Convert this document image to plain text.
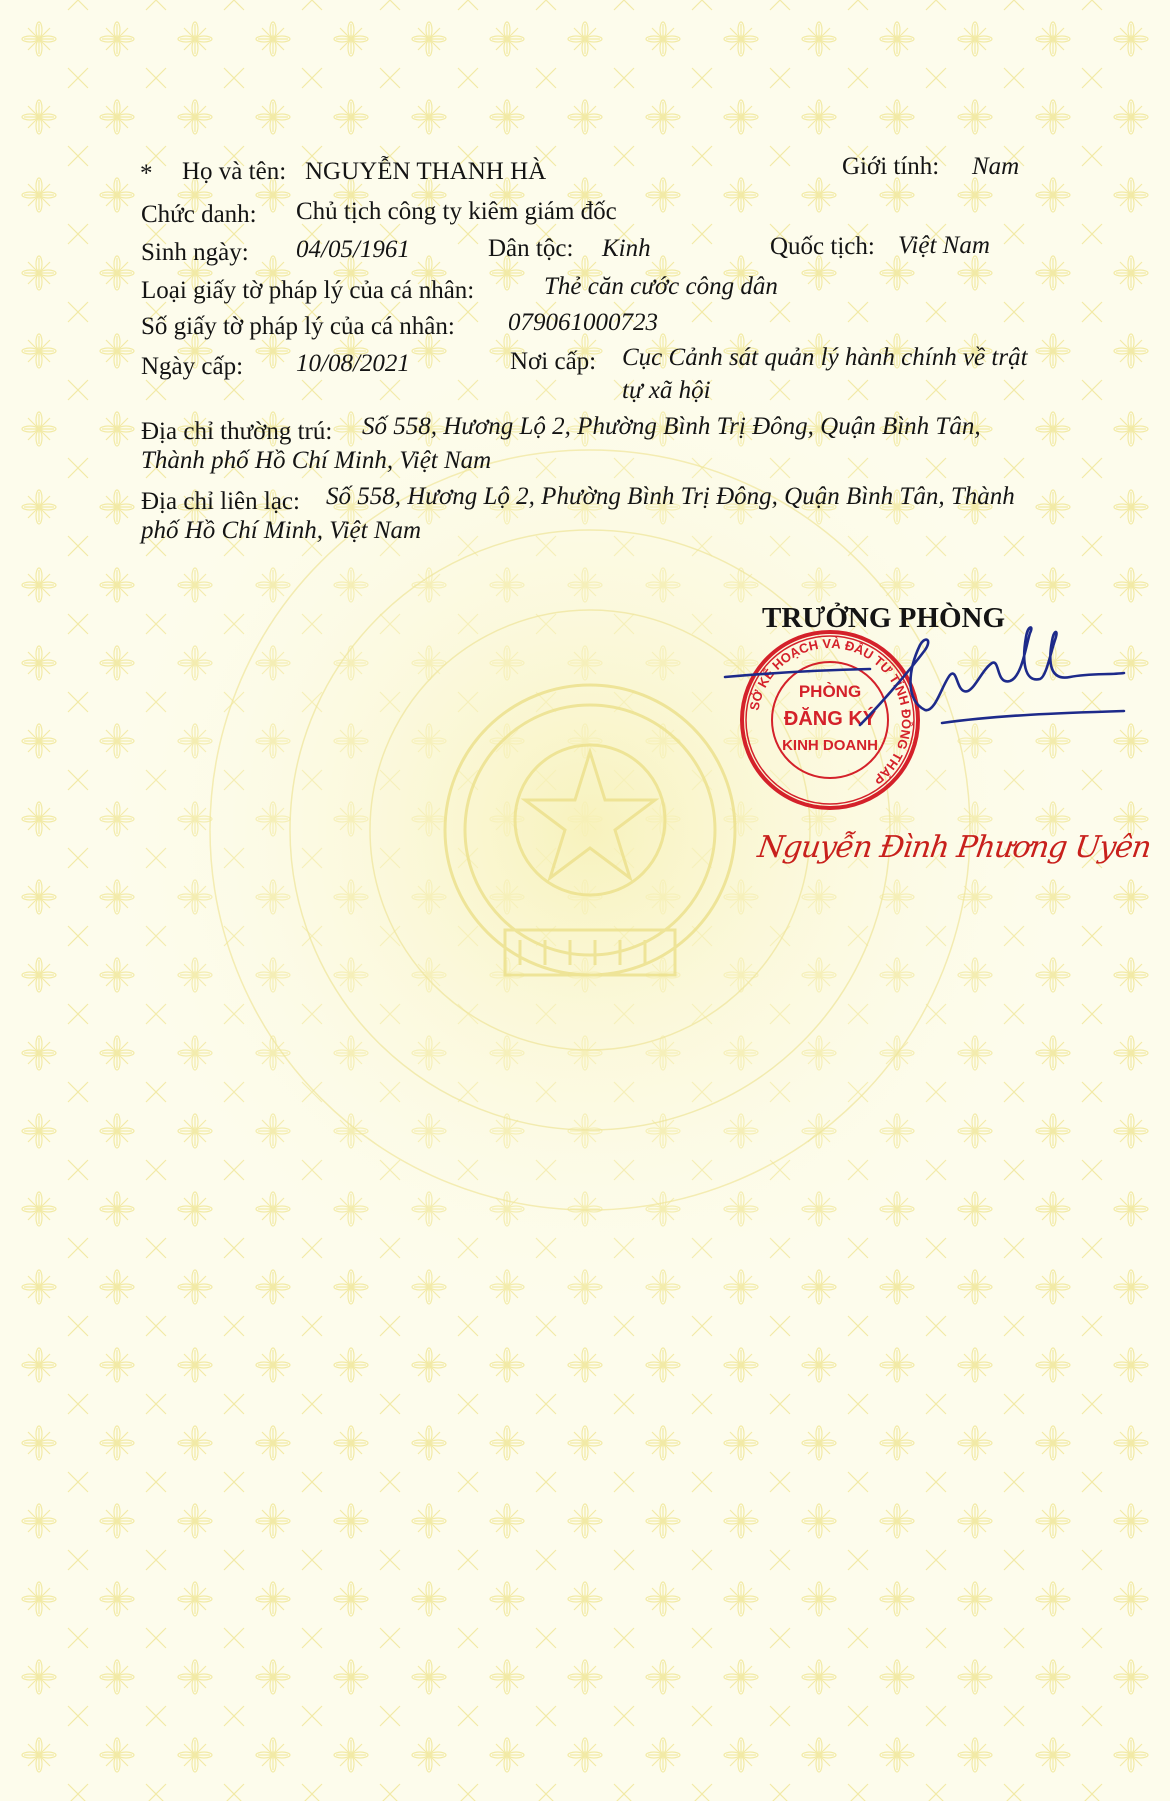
* Họ và tên: NGUYỄN THANH HÀ	Giới tính: Nam
Chức danh: Chủ tịch công ty kiêm giám đốc
Sinh ngày: 04/05/1961	Dân tộc: Kinh	Quốc tịch: Việt Nam
Loại giấy tờ pháp lý của cá nhân:	Thẻ căn cước công dân
Số giấy tờ pháp lý của cá nhân: 079061000723
Ngày cấp: 10/08/2021	Nơi cấp: Cục Cảnh sát quản lý hành chính về trật
tự xã hội
Địa chỉ thường trú: Số 558, Hương Lộ 2, Phường Bình Trị Đông, Quận Bình Tân,
Thành phố Hồ Chí Minh, Việt Nam
Địa chỉ liên lạc: Số 558, Hương Lộ 2, Phường Bình Trị Đông, Quận Bình Tân, Thành
phố Hồ Chí Minh, Việt Nam
TRƯỞNG PHÒNG
SỞ KẾ HOẠCH VÀ ĐẦU TƯ TỈNH ĐỒNG THÁP
PHÒNG
ĐĂNG KÝ
KINH DOANH
Nguyễn Đình Phương Uyên
